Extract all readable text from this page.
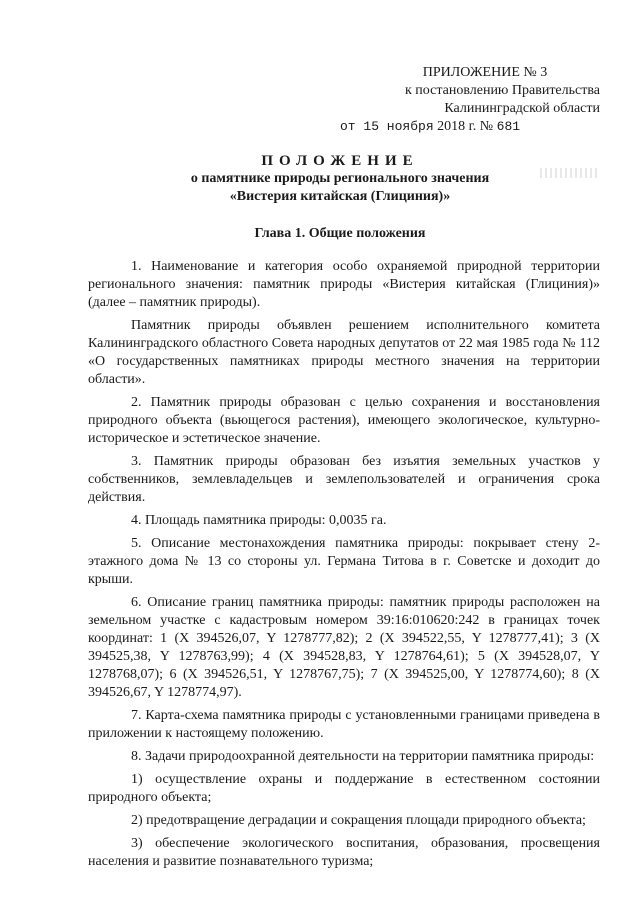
ПРИЛОЖЕНИЕ № 3
к постановлению Правительства
Калининградской области
от 15 ноября 2018 г. № 681
ПОЛОЖЕНИЕ
о памятнике природы регионального значения
«Вистерия китайская (Глициния)»
Глава 1. Общие положения

1. Наименование и категория особо охраняемой природной территории регионального значения: памятник природы «Вистерия китайская (Глициния)» (далее – памятник природы).

Памятник природы объявлен решением исполнительного комитета Калининградского областного Совета народных депутатов от 22 мая 1985 года № 112 «О государственных памятниках природы местного значения на территории области».

2. Памятник природы образован с целью сохранения и восстановления природного объекта (вьющегося растения), имеющего экологическое, культурно-историческое и эстетическое значение.

3. Памятник природы образован без изъятия земельных участков у собственников, землевладельцев и землепользователей и ограничения срока действия.

4. Площадь памятника природы: 0,0035 га.

5. Описание местонахождения памятника природы: покрывает стену 2-этажного дома № 13 со стороны ул. Германа Титова в г. Советске и доходит до крыши.

6. Описание границ памятника природы: памятник природы расположен на земельном участке с кадастровым номером 39:16:010620:242 в границах точек координат: 1 (X 394526,07, Y 1278777,82); 2 (X 394522,55, Y 1278777,41); 3 (X 394525,38, Y 1278763,99); 4 (X 394528,83, Y 1278764,61); 5 (X 394528,07, Y 1278768,07); 6 (X 394526,51, Y 1278767,75); 7 (X 394525,00, Y 1278774,60); 8 (X 394526,67, Y 1278774,97).

7. Карта-схема памятника природы с установленными границами приведена в приложении к настоящему положению.

8. Задачи природоохранной деятельности на территории памятника природы:

1) осуществление охраны и поддержание в естественном состоянии природного объекта;

2) предотвращение деградации и сокращения площади природного объекта;

3) обеспечение экологического воспитания, образования, просвещения населения и развитие познавательного туризма;
